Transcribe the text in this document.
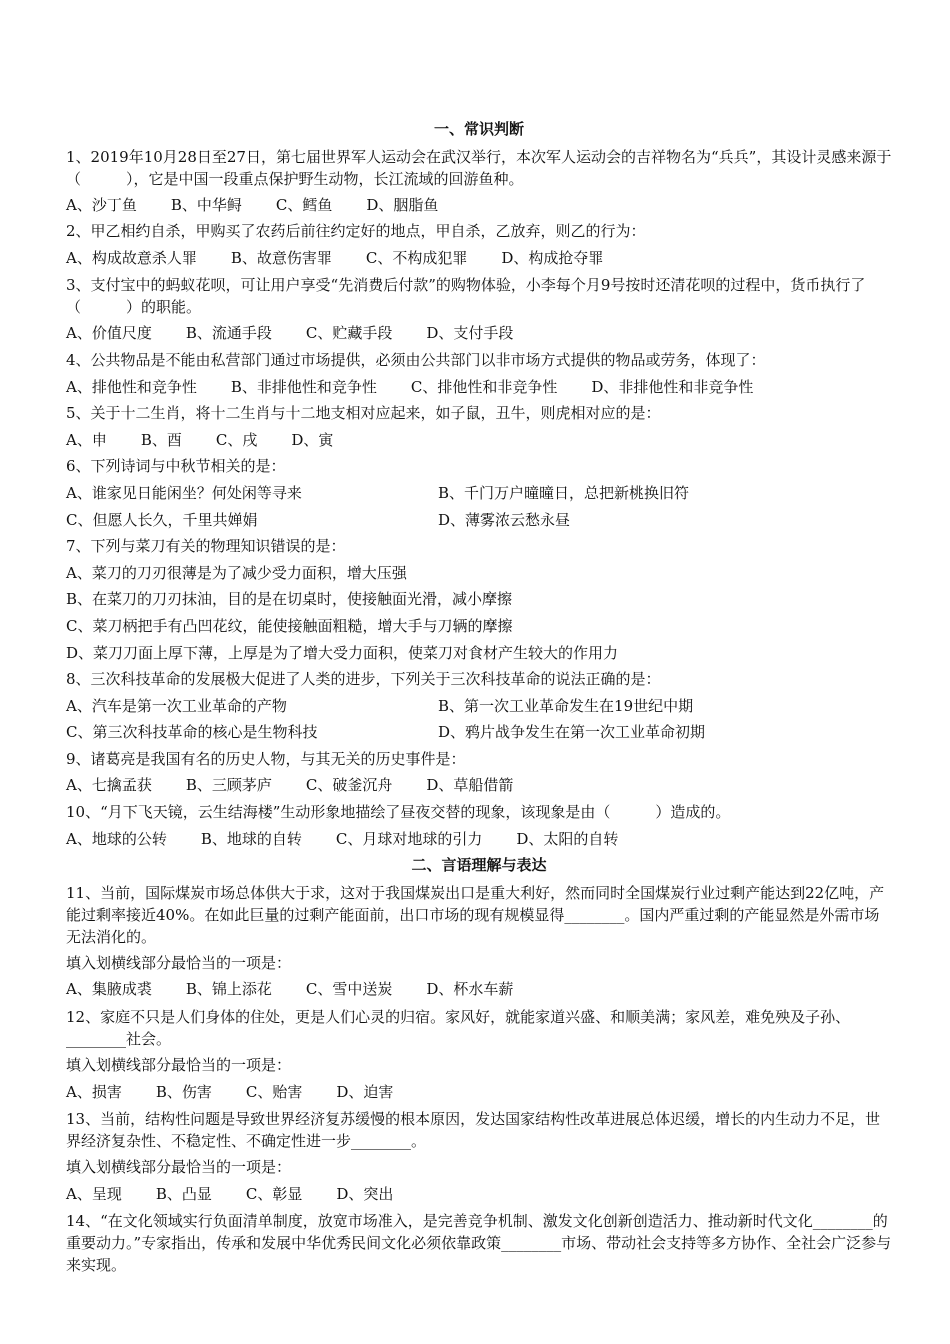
一、常识判断
1、2019年10月28日至27日，第七届世界军人运动会在武汉举行，本次军人运动会的吉祥物名为“兵兵”，其设计灵感来源于（　　　），它是中国一段重点保护野生动物，长江流域的回游鱼种。
A、沙丁鱼 B、中华鲟 C、鳕鱼 D、胭脂鱼
2、甲乙相约自杀，甲购买了农药后前往约定好的地点，甲自杀，乙放弃，则乙的行为：
A、构成故意杀人罪 B、故意伤害罪 C、不构成犯罪 D、构成抢夺罪
3、支付宝中的蚂蚁花呗，可让用户享受“先消费后付款”的购物体验，小李每个月9号按时还清花呗的过程中，货币执行了（　　　）的职能。
A、价值尺度 B、流通手段 C、贮藏手段 D、支付手段
4、公共物品是不能由私营部门通过市场提供，必须由公共部门以非市场方式提供的物品或劳务，体现了：
A、排他性和竞争性 B、非排他性和竞争性 C、排他性和非竞争性 D、非排他性和非竞争性
5、关于十二生肖，将十二生肖与十二地支相对应起来，如子鼠，丑牛，则虎相对应的是：
A、申 B、酉 C、戌 D、寅
6、下列诗词与中秋节相关的是：
A、谁家见日能闲坐？何处闲等寻来	B、千门万户曈曈日，总把新桃换旧符
C、但愿人长久，千里共婵娟	D、薄雾浓云愁永昼
7、下列与菜刀有关的物理知识错误的是：
A、菜刀的刀刃很薄是为了减少受力面积，增大压强
B、在菜刀的刀刃抹油，目的是在切桌时，使接触面光滑，减小摩擦
C、菜刀柄把手有凸凹花纹，能使接触面粗糙，增大手与刀辆的摩擦
D、菜刀刀面上厚下薄，上厚是为了增大受力面积，使菜刀对食材产生较大的作用力
8、三次科技革命的发展极大促进了人类的进步，下列关于三次科技革命的说法正确的是：
A、汽车是第一次工业革命的产物	B、第一次工业革命发生在19世纪中期
C、第三次科技革命的核心是生物科技	D、鸦片战争发生在第一次工业革命初期
9、诸葛亮是我国有名的历史人物，与其无关的历史事件是：
A、七擒孟获 B、三顾茅庐 C、破釜沉舟 D、草船借箭
10、“月下飞天镜，云生结海楼”生动形象地描绘了昼夜交替的现象，该现象是由（　　　）造成的。
A、地球的公转 B、地球的自转 C、月球对地球的引力 D、太阳的自转
二、言语理解与表达
11、当前，国际煤炭市场总体供大于求，这对于我国煤炭出口是重大利好，然而同时全国煤炭行业过剩产能达到22亿吨，产能过剩率接近40%。在如此巨量的过剩产能面前，出口市场的现有规模显得________。国内严重过剩的产能显然是外需市场无法消化的。
填入划横线部分最恰当的一项是：
A、集腋成裘 B、锦上添花 C、雪中送炭 D、杯水车薪
12、家庭不只是人们身体的住处，更是人们心灵的归宿。家风好，就能家道兴盛、和顺美满；家风差，难免殃及子孙、________社会。
填入划横线部分最恰当的一项是：
A、损害 B、伤害 C、贻害 D、迫害
13、当前，结构性问题是导致世界经济复苏缓慢的根本原因，发达国家结构性改革进展总体迟缓，增长的内生动力不足，世界经济复杂性、不稳定性、不确定性进一步________。
填入划横线部分最恰当的一项是：
A、呈现 B、凸显 C、彰显 D、突出
14、“在文化领域实行负面清单制度，放宽市场准入，是完善竞争机制、激发文化创新创造活力、推动新时代文化________的重要动力。”专家指出，传承和发展中华优秀民间文化必须依靠政策________市场、带动社会支持等多方协作、全社会广泛参与来实现。
